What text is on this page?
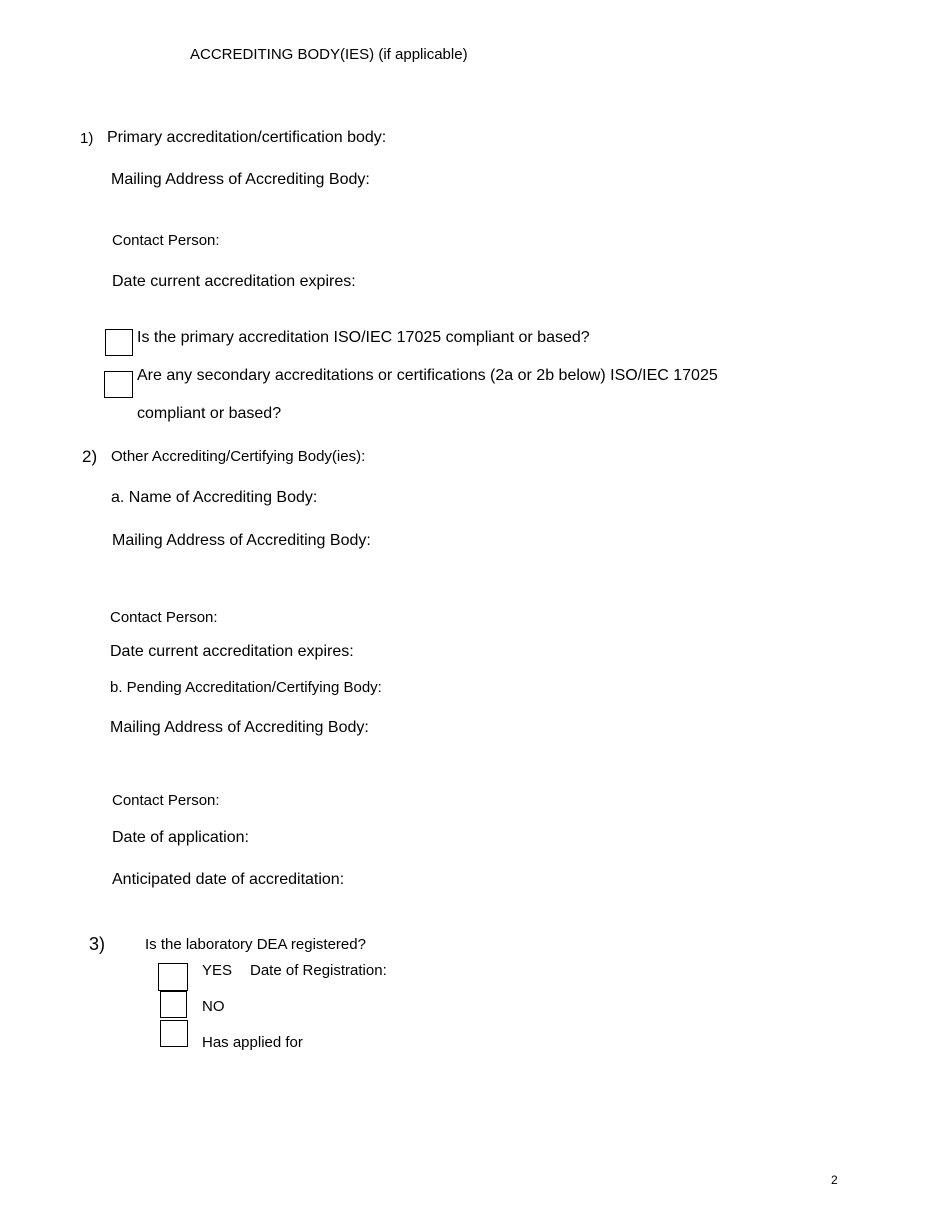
ACCREDITING BODY(IES) (if applicable)
1) Primary accreditation/certification body:
Mailing Address of Accrediting Body:
Contact Person:
Date current accreditation expires:
Is the primary accreditation ISO/IEC 17025 compliant or based?
Are any secondary accreditations or certifications (2a or 2b below) ISO/IEC 17025
compliant or based?
2) Other Accrediting/Certifying Body(ies):
a. Name of Accrediting Body:
Mailing Address of Accrediting Body:
Contact Person:
Date current accreditation expires:
b. Pending Accreditation/Certifying Body:
Mailing Address of Accrediting Body:
Contact Person:
Date of application:
Anticipated date of accreditation:
3)	Is the laboratory DEA registered?
YES Date of Registration:
NO
Has applied for
2
